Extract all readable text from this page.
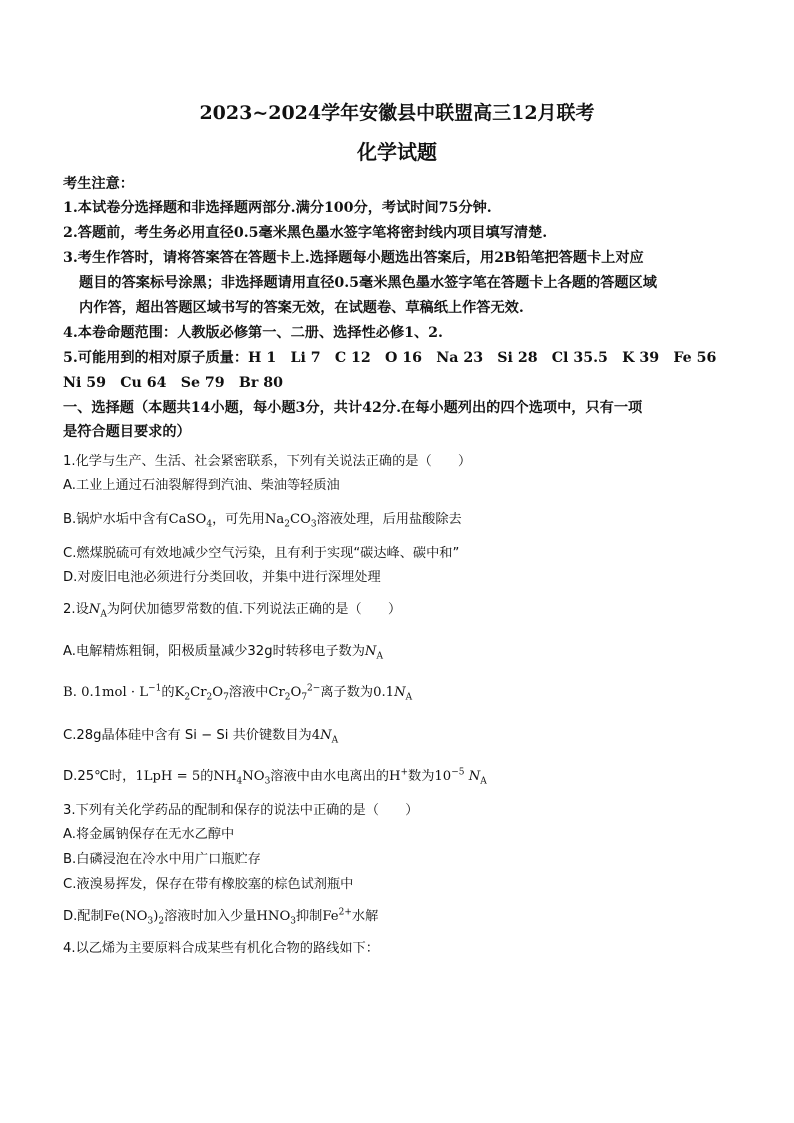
2023~2024学年安徽县中联盟高三12月联考
化学试题
考生注意：
1.本试卷分选择题和非选择题两部分.满分100分，考试时间75分钟.
2.答题前，考生务必用直径0.5毫米黑色墨水签字笔将密封线内项目填写清楚.
3.考生作答时，请将答案答在答题卡上.选择题每小题选出答案后，用2B铅笔把答题卡上对应
题目的答案标号涂黑；非选择题请用直径0.5毫米黑色墨水签字笔在答题卡上各题的答题区域
内作答，超出答题区域书写的答案无效，在试题卷、草稿纸上作答无效.
4.本卷命题范围：人教版必修第一、二册、选择性必修1、2.
5.可能用到的相对原子质量：H 1　Li 7　C 12　O 16　Na 23　Si 28　Cl 35.5　K 39　Fe 56
Ni 59　Cu 64　Se 79　Br 80
一、选择题（本题共14小题，每小题3分，共计42分.在每小题列出的四个选项中，只有一项
是符合题目要求的）
1.化学与生产、生活、社会紧密联系，下列有关说法正确的是（　　）
A.工业上通过石油裂解得到汽油、柴油等轻质油
B.锅炉水垢中含有CaSO$_4$，可先用$Na_2CO_3$溶液处理，后用盐酸除去
C.燃煤脱硫可有效地减少空气污染，且有利于实现“碳达峰、碳中和”
D.对废旧电池必须进行分类回收，并集中进行深埋处理
2.设$N_A$为阿伏加德罗常数的值.下列说法正确的是（　　）
A.电解精炼粗铜，阳极质量减少32g时转移电子数为$N_A$
B. $0.1mol \cdot L^{-1}$的$K_2Cr_2O_7$溶液中$Cr_2O_7^{2-}$离子数为$0.1N_A$
C.28g晶体硅中含有 Si − Si 共价键数目为$4N_A$
D.25℃时，1LpH = 5的$NH_4NO_3$溶液中由水电离出的H+数为$10^{-5}$ $N_A$
3.下列有关化学药品的配制和保存的说法中正确的是（　　）
A.将金属钠保存在无水乙醇中
B.白磷浸泡在冷水中用广口瓶贮存
C.液溴易挥发，保存在带有橡胶塞的棕色试剂瓶中
D.配制$Fe(NO_3)_2$溶液时加入少量$HNO_3$抑制$Fe^{2+}$水解
4.以乙烯为主要原料合成某些有机化合物的路线如下：
